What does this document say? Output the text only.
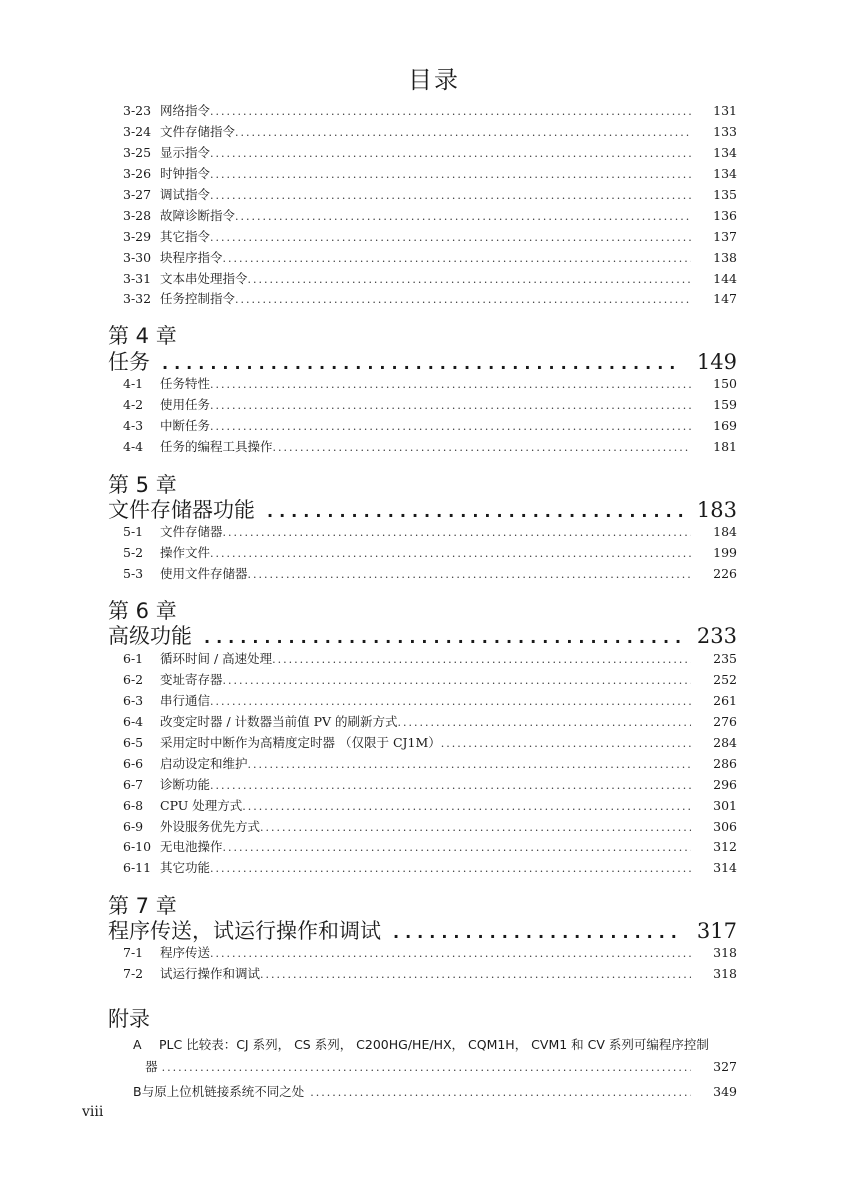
目录
3-23 网络指令 .....	131
3-24 文件存储指令 .....	133
3-25 显示指令 .....	134
3-26 时钟指令 .....	134
3-27 调试指令 .....	135
3-28 故障诊断指令 .....	136
3-29 其它指令 .....	137
3-30 块程序指令 .....	138
3-31 文本串处理指令 .....	144
3-32 任务控制指令 .....	147
第 4 章
任务 .....	149
4-1	任务特性 .....	150
4-2	使用任务 .....	159
4-3	中断任务 .....	169
4-4	任务的编程工具操作 .....	181
第 5 章
文件存储器功能 .....	183
5-1	文件存储器 .....	184
5-2	操作文件 .....	199
5-3	使用文件存储器 .....	226
第 6 章
高级功能 .....	233
6-1	循环时间 / 高速处理 .....	235
6-2	变址寄存器 .....	252
6-3	串行通信 .....	261
6-4	改变定时器 / 计数器当前值 PV 的刷新方式 .....	276
6-5	采用定时中断作为高精度定时器 （仅限于 CJ1M） .....	284
6-6	启动设定和维护 .....	286
6-7	诊断功能 .....	296
6-8	CPU 处理方式 .....	301
6-9	外设服务优先方式 .....	306
6-10 无电池操作 .....	312
6-11 其它功能 .....	314
第 7 章
程序传送，试运行操作和调试 .....	317
7-1	程序传送 .....	318
7-2	试运行操作和调试 .....	318
附录
A	PLC 比较表：CJ 系列， CS 系列， C200HG/HE/HX， CQM1H， CVM1 和 CV 系列可编程序控制
器 .....	327
B 与原上位机链接系统不同之处 .....	349
viii
